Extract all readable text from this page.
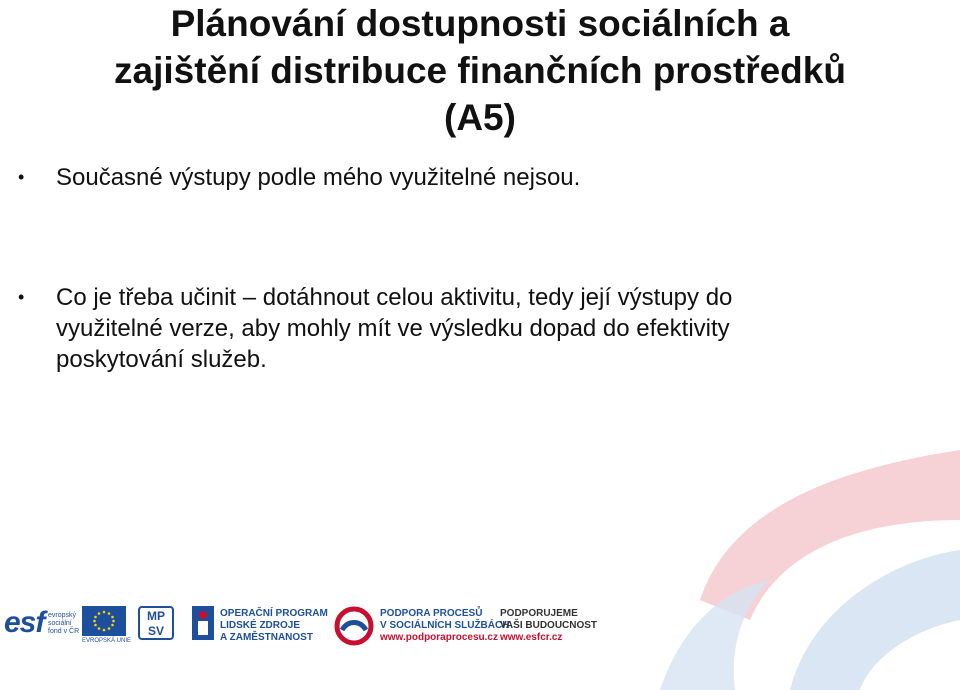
Plánování dostupnosti sociálních a
zajištění distribuce finančních prostředků
(A5)
• Současné výstupy podle mého využitelné nejsou.
• Co je třeba učinit – dotáhnout celou aktivitu, tedy její výstupy do
využitelné verze, aby mohly mít ve výsledku dopad do efektivity
poskytování služeb.
esf evropský
sociální
fond v ČR
EVROPSKÁ UNIE
MP
SV
OPERAČNÍ PROGRAM
LIDSKÉ ZDROJE
A ZAMĚSTNANOST
PODPORA PROCESŮ
V SOCIÁLNÍCH SLUŽBÁCH
www.podporaprocesu.cz
PODPORUJEME
VAŠI BUDOUCNOST
www.esfcr.cz
